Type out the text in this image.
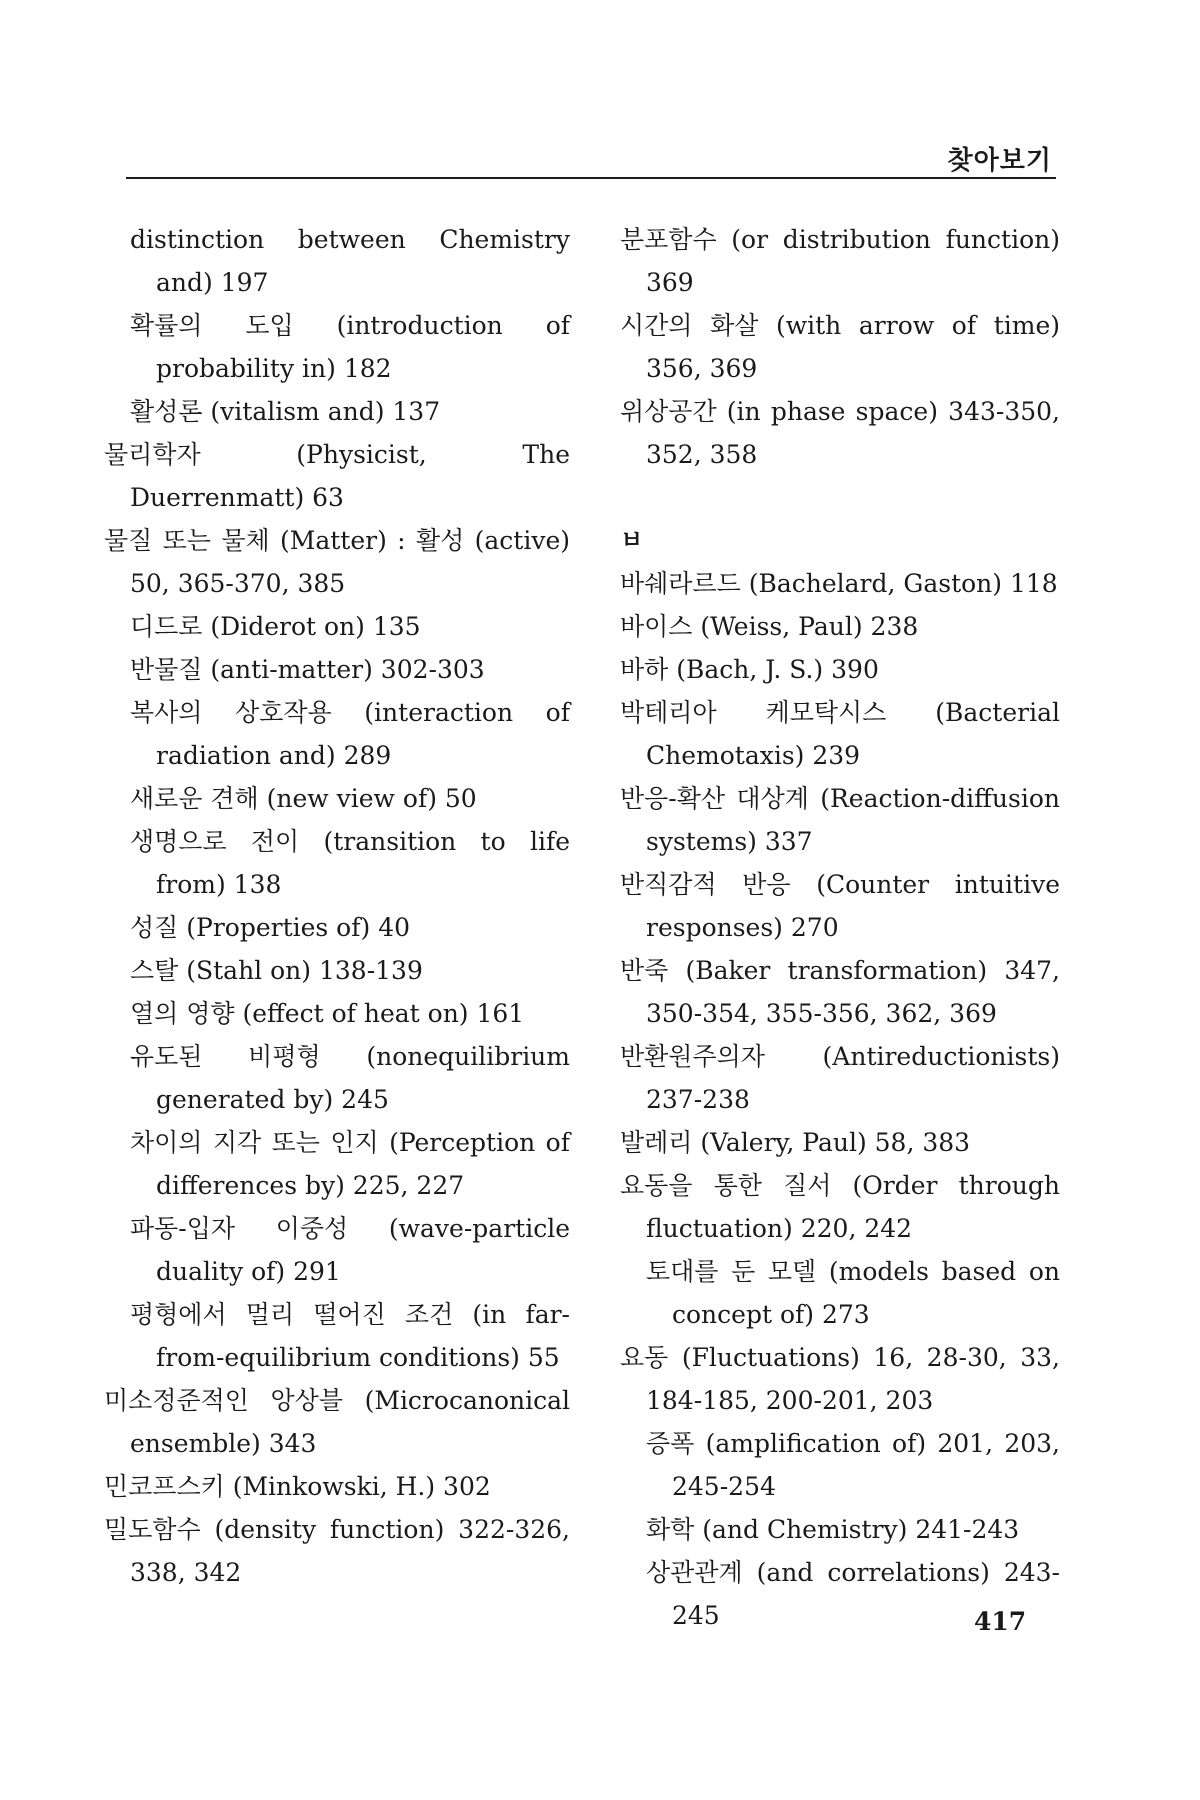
찾아보기

distinction between Chemistry and) 197

확률의 도입 (introduction of probability in) 182

활성론 (vitalism and) 137

물리학자 (Physicist, The Duerrenmatt) 63

물질 또는 물체 (Matter) : 활성 (active) 50, 365-370, 385

디드로 (Diderot on) 135

반물질 (anti-matter) 302-303

복사의 상호작용 (interaction of radiation and) 289

새로운 견해 (new view of) 50

생명으로 전이 (transition to life from) 138

성질 (Properties of) 40

스탈 (Stahl on) 138-139

열의 영향 (effect of heat on) 161

유도된 비평형 (nonequilibrium generated by) 245

차이의 지각 또는 인지 (Perception of differences by) 225, 227

파동-입자 이중성 (wave-particle duality of) 291

평형에서 멀리 떨어진 조건 (in far-from-equilibrium conditions) 55

미소정준적인 앙상블 (Microcanonical ensemble) 343

민코프스키 (Minkowski, H.) 302

밀도함수 (density function) 322-326, 338, 342

분포함수 (or distribution function) 369

시간의 화살 (with arrow of time) 356, 369

위상공간 (in phase space) 343-350, 352, 358

ㅂ

바쉐라르드 (Bachelard, Gaston) 118

바이스 (Weiss, Paul) 238

바하 (Bach, J. S.) 390

박테리아 케모탁시스 (Bacterial Chemotaxis) 239

반응-확산 대상계 (Reaction-diffusion systems) 337

반직감적 반응 (Counter intuitive responses) 270

반죽 (Baker transformation) 347, 350-354, 355-356, 362, 369

반환원주의자 (Antireductionists) 237-238

발레리 (Valery, Paul) 58, 383

요동을 통한 질서 (Order through fluctuation) 220, 242

토대를 둔 모델 (models based on concept of) 273

요동 (Fluctuations) 16, 28-30, 33, 184-185, 200-201, 203

증폭 (amplification of) 201, 203, 245-254

화학 (and Chemistry) 241-243

상관관계 (and correlations) 243-245	417
